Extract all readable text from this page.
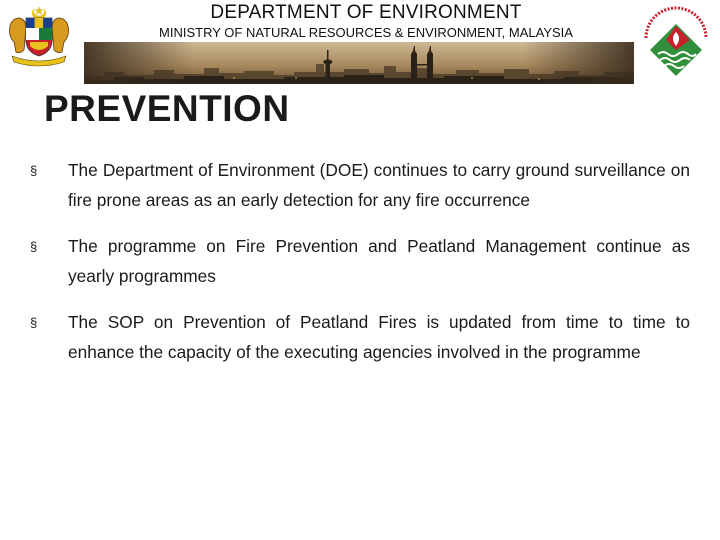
DEPARTMENT OF ENVIRONMENT
MINISTRY OF NATURAL RESOURCES & ENVIRONMENT, MALAYSIA
PREVENTION
§ The Department of Environment (DOE) continues to carry ground surveillance on fire prone areas as an early detection for any fire occurrence
§ The programme on Fire Prevention and Peatland Management continue as yearly programmes
§ The SOP on Prevention of Peatland Fires is updated from time to time to enhance the capacity of the executing agencies involved in the programme
